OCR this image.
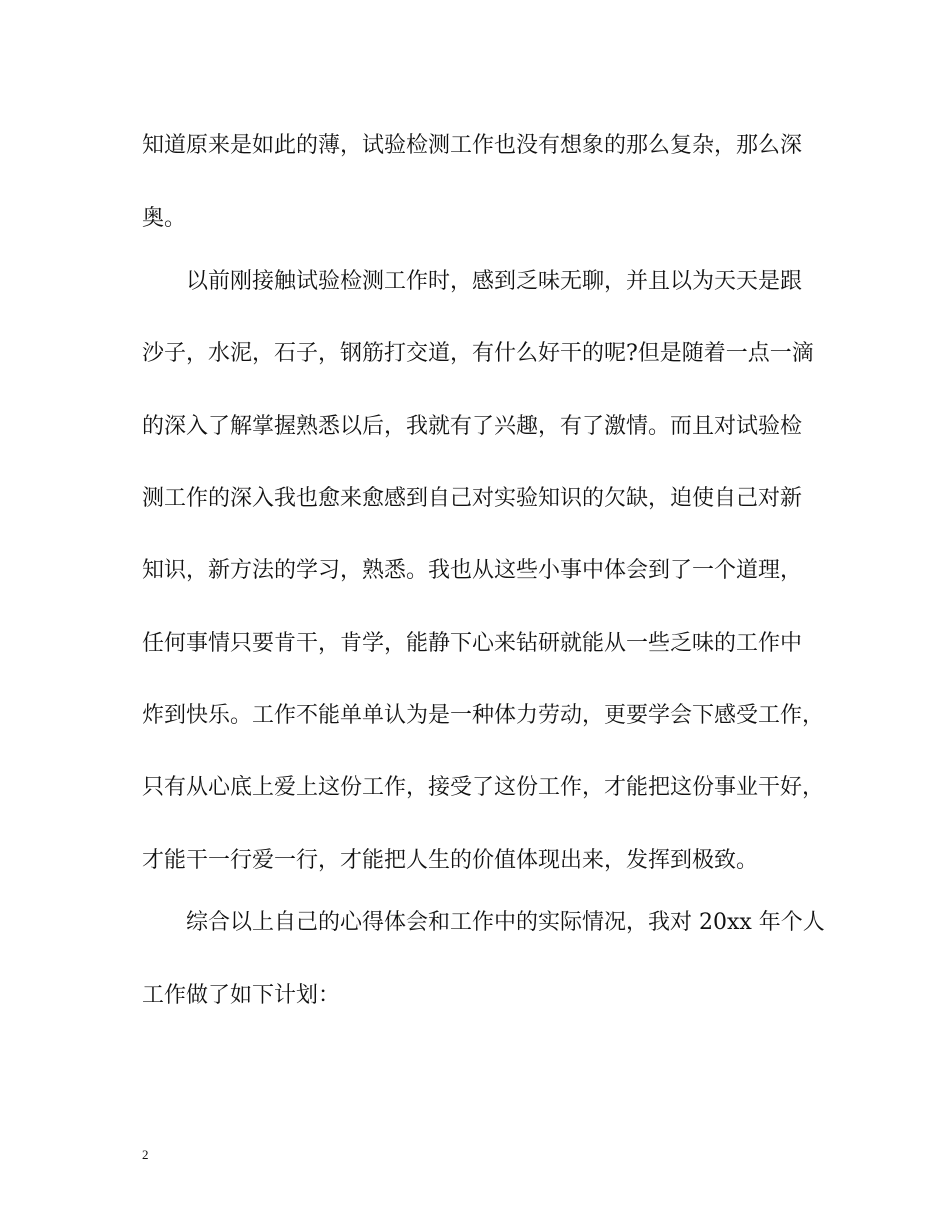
知道原来是如此的薄，试验检测工作也没有想象的那么复杂，那么深
奥。
以前刚接触试验检测工作时，感到乏味无聊，并且以为天天是跟
沙子，水泥，石子，钢筋打交道，有什么好干的呢?但是随着一点一滴
的深入了解掌握熟悉以后，我就有了兴趣，有了激情。而且对试验检
测工作的深入我也愈来愈感到自己对实验知识的欠缺，迫使自己对新
知识，新方法的学习，熟悉。我也从这些小事中体会到了一个道理，
任何事情只要肯干，肯学，能静下心来钻研就能从一些乏味的工作中
炸到快乐。工作不能单单认为是一种体力劳动，更要学会下感受工作，
只有从心底上爱上这份工作，接受了这份工作，才能把这份事业干好，
才能干一行爱一行，才能把人生的价值体现出来，发挥到极致。
综合以上自己的心得体会和工作中的实际情况，我对 20xx 年个人
工作做了如下计划：
2
